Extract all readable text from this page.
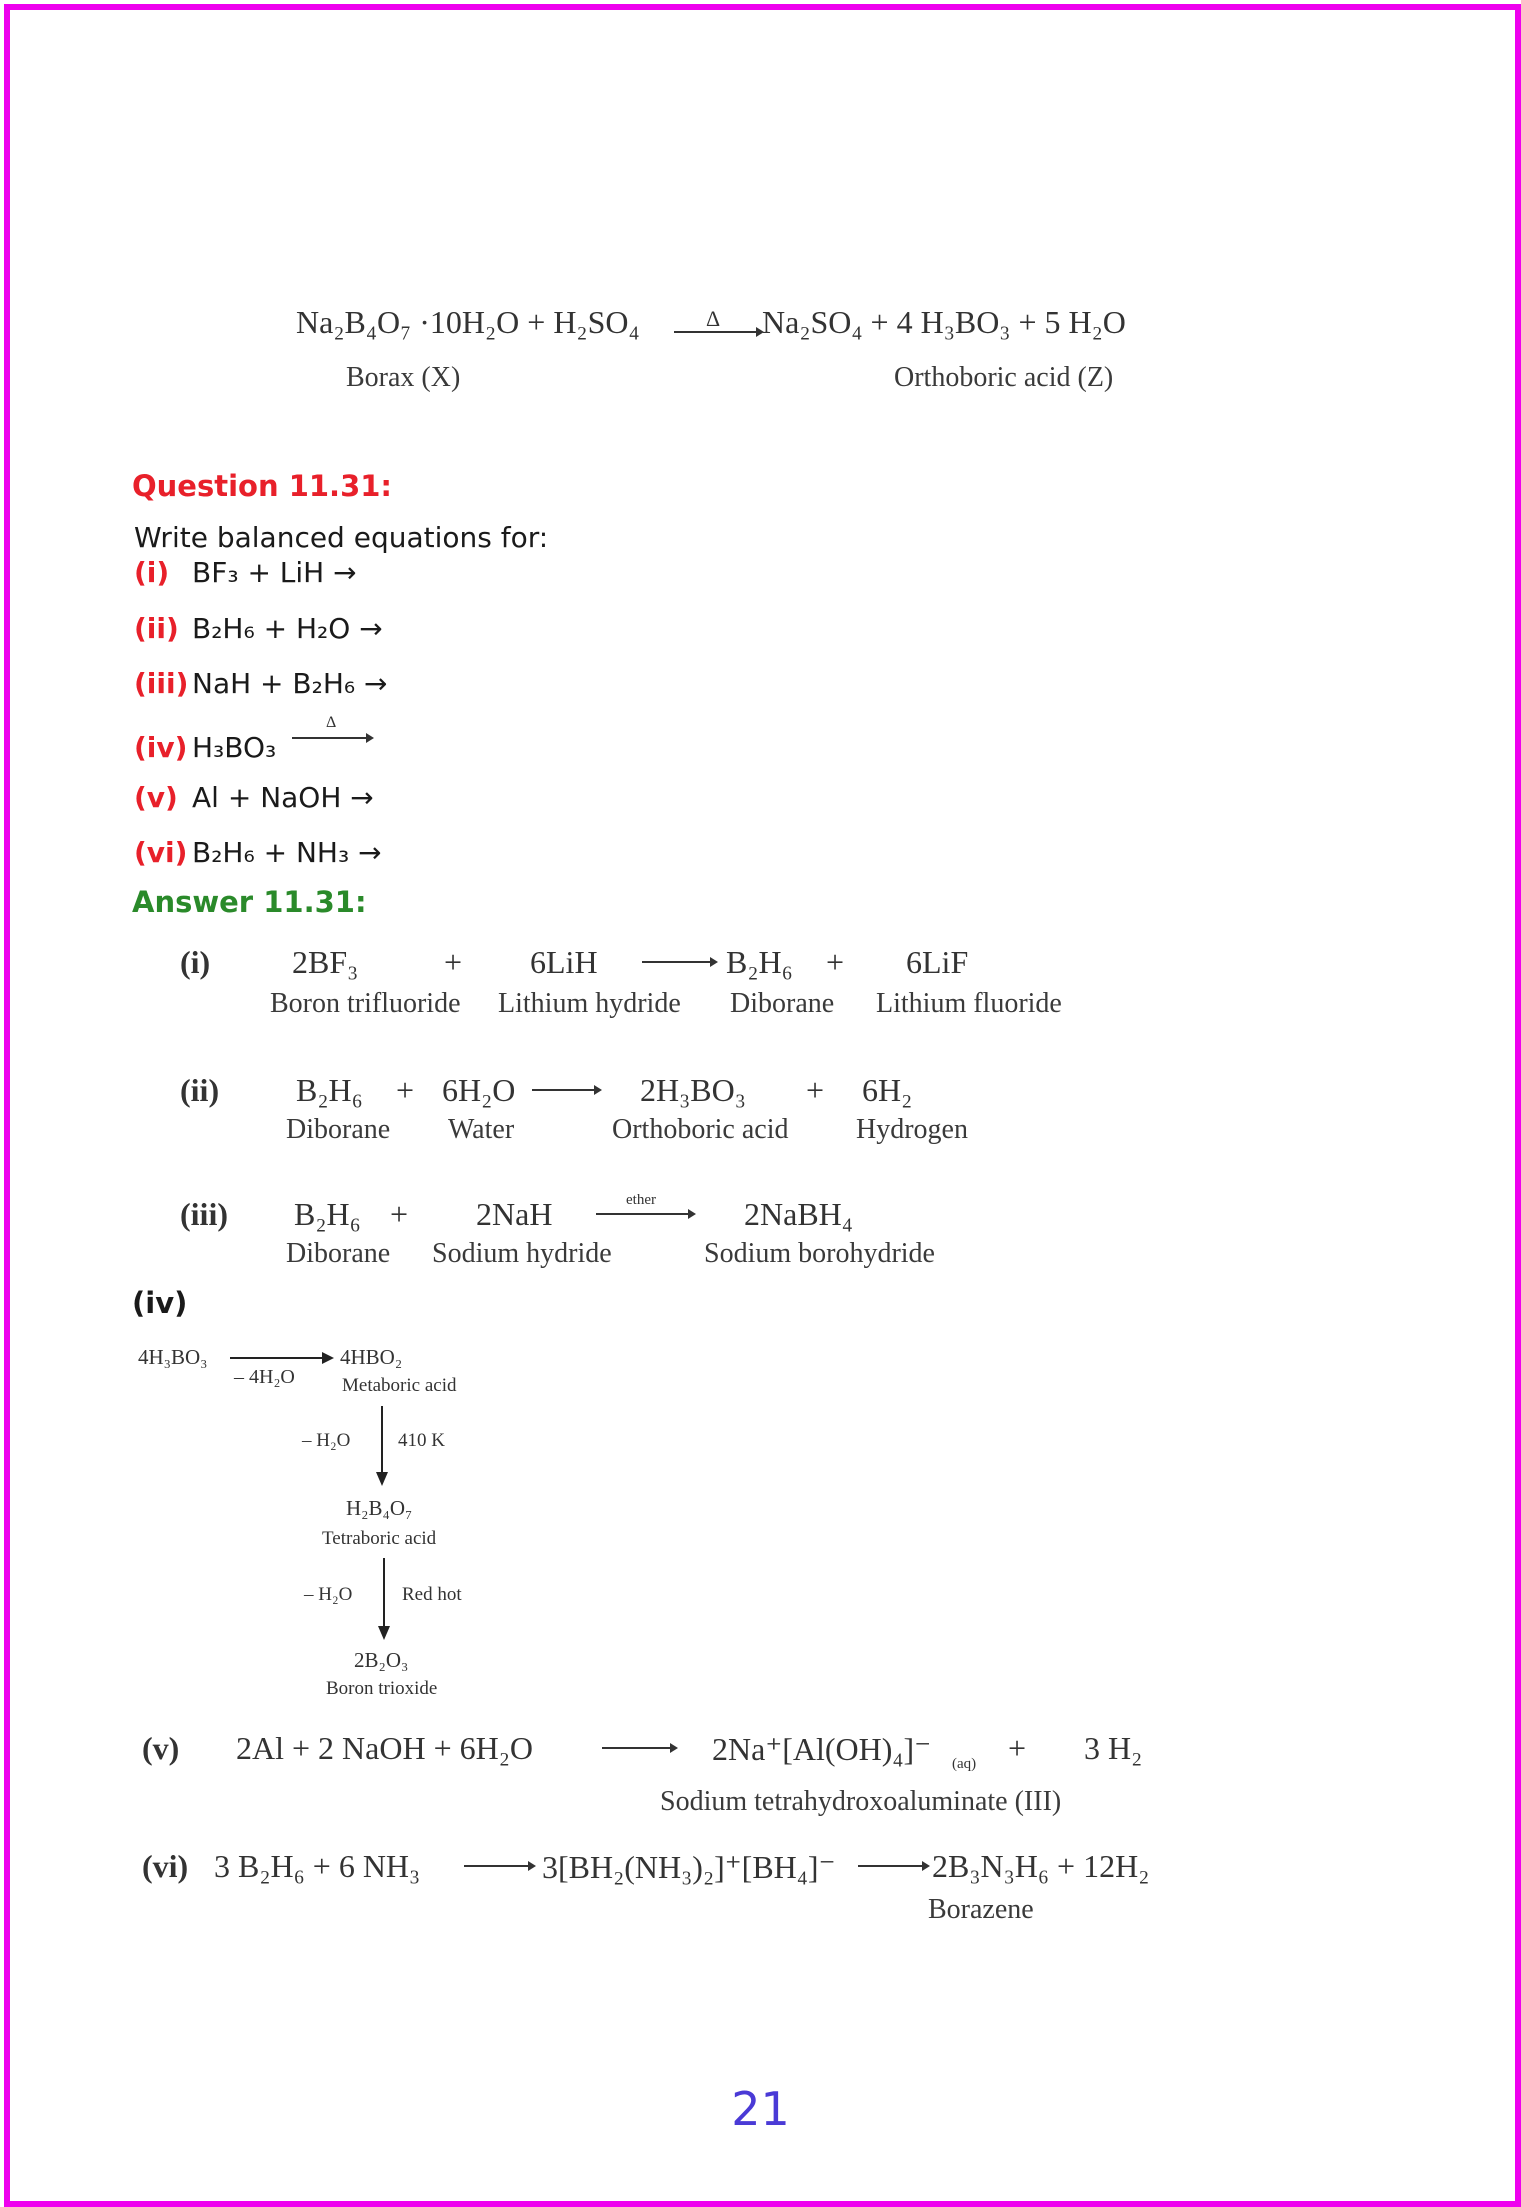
Na₂B₄O₇ ·10H₂O + H₂SO₄	Δ Na₂SO₄ + 4 H₃BO₃ + 5 H₂O
Borax (X)	Orthoboric acid (Z)
Question 11.31:
Write balanced equations for:
(i) BF₃ + LiH →
(ii) B₂H₆ + H₂O →
(iii) NaH + B₂H₆ →
(iv) H₃BO₃
Δ
(v) Al + NaOH →
(vi) B₂H₆ + NH₃ →
Answer 11.31:
(i)	2BF₃	+ 6LiH	B₂H₆ + 6LiF
Boron trifluoride Lithium hydride Diborane Lithium fluoride
(ii) B₂H₆ + 6H₂O	2H₃BO₃ + 6H₂
Diborane Water	Orthoboric acid Hydrogen
(iii) B₂H₆ + 2NaH	ether	2NaBH₄
Diborane Sodium hydride	Sodium borohydride
(iv)
4H₃BO₃
– 4H₂O
4HBO₂
Metaboric acid
– H₂O	410 K
H₂B₄O₇
Tetraboric acid
– H₂O	Red hot
2B₂O₃
Boron trioxide
(v) 2Al + 2 NaOH + 6H₂O	2Na⁺[Al(OH)₄]⁻ (aq) + 3 H₂
Sodium tetrahydroxoaluminate (III)
(vi) 3 B₂H₆ + 6 NH₃	3[BH₂(NH₃)₂]⁺[BH₄]⁻	2B₃N₃H₆ + 12H₂
Borazene
21
